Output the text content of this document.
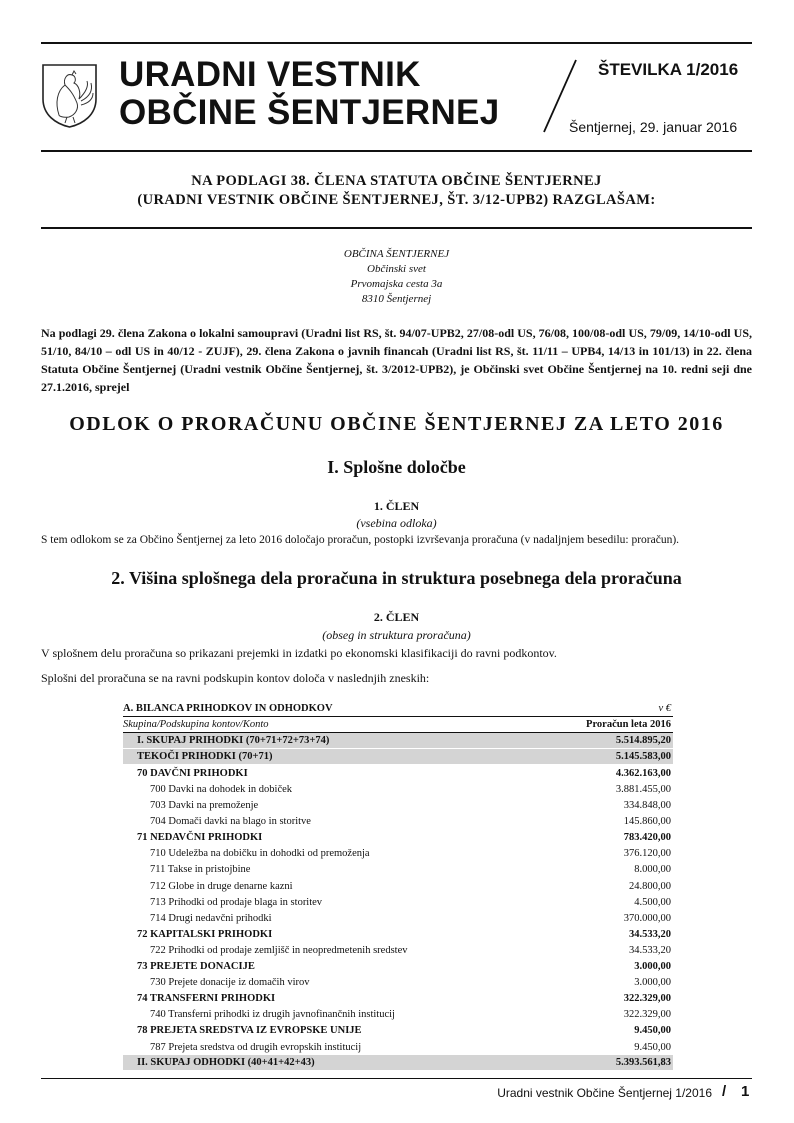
URADNI VESTNIK
OBČINE ŠENTJERNEJ
ŠTEVILKA 1/2016
Šentjernej, 29. januar 2016
NA PODLAGI 38. ČLENA STATUTA OBČINE ŠENTJERNEJ
(URADNI VESTNIK OBČINE ŠENTJERNEJ, ŠT. 3/12-UPB2) RAZGLAŠAM:
OBČINA ŠENTJERNEJ
Občinski svet
Prvomajska cesta 3a
8310 Šentjernej
Na podlagi 29. člena Zakona o lokalni samoupravi (Uradni list RS, št. 94/07-UPB2, 27/08-odl US, 76/08, 100/08-odl US, 79/09, 14/10-odl US, 51/10, 84/10 – odl US in 40/12 - ZUJF), 29. člena Zakona o javnih financah (Uradni list RS, št. 11/11 – UPB4, 14/13 in 101/13) in 22. člena Statuta Občine Šentjernej (Uradni vestnik Občine Šentjernej, št. 3/2012-UPB2), je Občinski svet Občine Šentjernej na 10. redni seji dne 27.1.2016, sprejel
ODLOK O PRORAČUNU OBČINE ŠENTJERNEJ ZA LETO 2016
I. Splošne določbe
1. ČLEN
(vsebina odloka)
S tem odlokom se za Občino Šentjernej za leto 2016 določajo proračun, postopki izvrševanja proračuna (v nadaljnjem besedilu: proračun).
2. Višina splošnega dela proračuna in struktura posebnega dela proračuna
2. ČLEN
(obseg in struktura proračuna)
V splošnem delu proračuna so prikazani prejemki in izdatki po ekonomski klasifikaciji do ravni podkontov.
Splošni del proračuna se na ravni podskupin kontov določa v naslednjih zneskih:
A. BILANCA PRIHODKOV IN ODHODKOV	v €
Skupina/Podskupina kontov/Konto	Proračun leta 2016
I. SKUPAJ PRIHODKI (70+71+72+73+74)	5.514.895,20
TEKOČI PRIHODKI (70+71)	5.145.583,00
70 DAVČNI PRIHODKI	4.362.163,00
700 Davki na dohodek in dobiček	3.881.455,00
703 Davki na premoženje	334.848,00
704 Domači davki na blago in storitve	145.860,00
71 NEDAVČNI PRIHODKI	783.420,00
710 Udeležba na dobičku in dohodki od premoženja	376.120,00
711 Takse in pristojbine	8.000,00
712 Globe in druge denarne kazni	24.800,00
713 Prihodki od prodaje blaga in storitev	4.500,00
714 Drugi nedavčni prihodki	370.000,00
72 KAPITALSKI PRIHODKI	34.533,20
722 Prihodki od prodaje zemljišč in neopredmetenih sredstev	34.533,20
73 PREJETE DONACIJE	3.000,00
730 Prejete donacije iz domačih virov	3.000,00
74 TRANSFERNI PRIHODKI	322.329,00
740 Transferni prihodki iz drugih javnofinančnih institucij	322.329,00
78 PREJETA SREDSTVA IZ EVROPSKE UNIJE	9.450,00
787 Prejeta sredstva od drugih evropskih institucij	9.450,00
II. SKUPAJ ODHODKI (40+41+42+43)	5.393.561,83
Uradni vestnik Občine Šentjernej 1/2016 / 1
